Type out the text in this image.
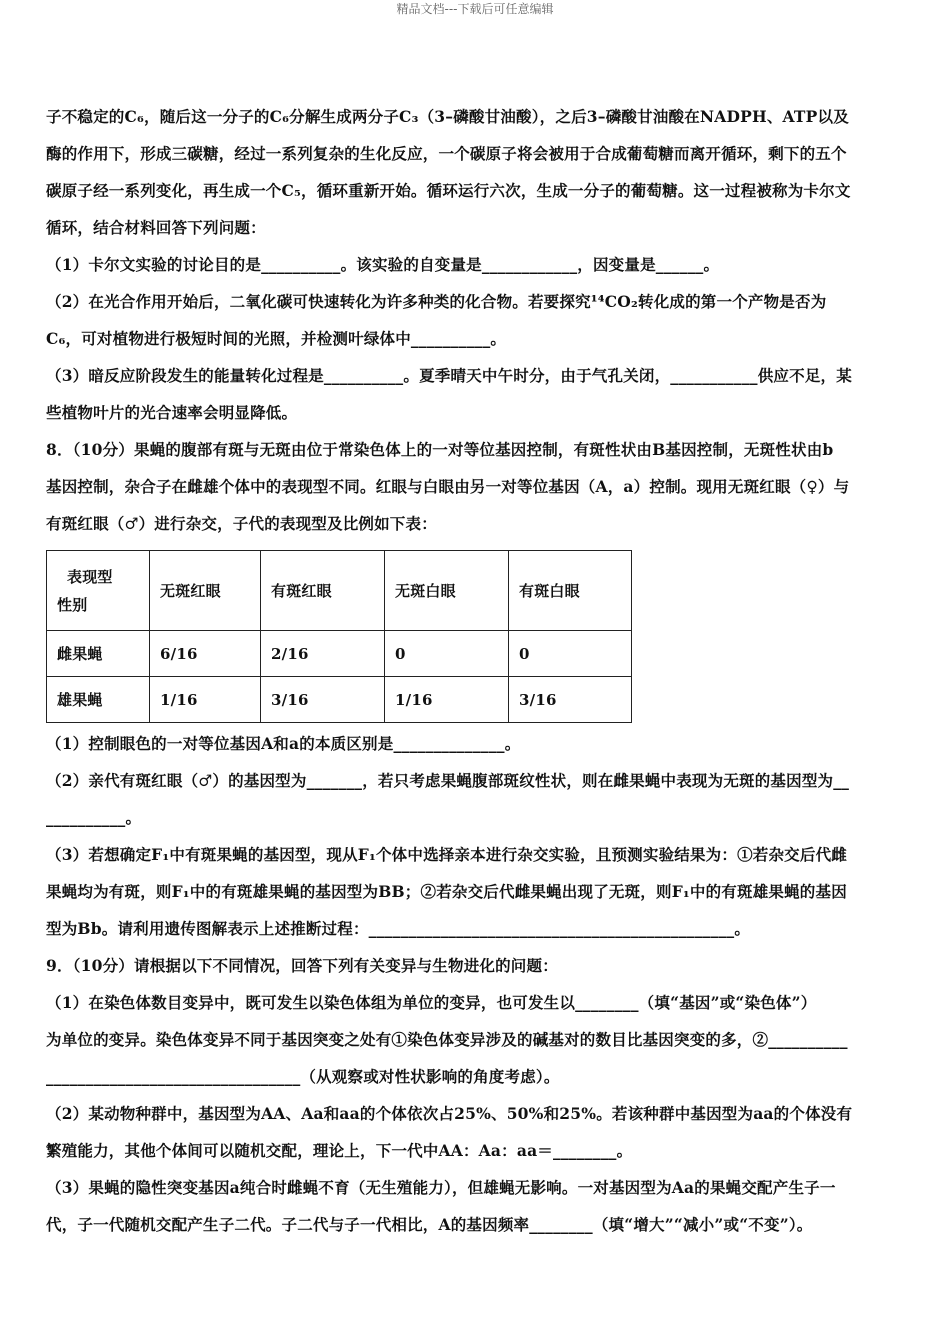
精品文档---下载后可任意编辑
子不稳定的C₆，随后这一分子的C₆分解生成两分子C₃（3–磷酸甘油酸），之后3–磷酸甘油酸在NADPH、ATP以及
酶的作用下，形成三碳糖，经过一系列复杂的生化反应，一个碳原子将会被用于合成葡萄糖而离开循环，剩下的五个
碳原子经一系列变化，再生成一个C₅，循环重新开始。循环运行六次，生成一分子的葡萄糖。这一过程被称为卡尔文
循环，结合材料回答下列问题：
（1）卡尔文实验的讨论目的是__________。该实验的自变量是____________，因变量是______。
（2）在光合作用开始后，二氧化碳可快速转化为许多种类的化合物。若要探究¹⁴CO₂转化成的第一个产物是否为
C₆，可对植物进行极短时间的光照，并检测叶绿体中__________。
（3）暗反应阶段发生的能量转化过程是__________。夏季晴天中午时分，由于气孔关闭，___________供应不足，某
些植物叶片的光合速率会明显降低。
8．（10分）果蝇的腹部有斑与无斑由位于常染色体上的一对等位基因控制，有斑性状由B基因控制，无斑性状由b
基因控制，杂合子在雌雄个体中的表现型不同。红眼与白眼由另一对等位基因（A，a）控制。现用无斑红眼（♀）与
有斑红眼（♂）进行杂交，子代的表现型及比例如下表：
表现型
性别	无斑红眼	有斑红眼	无斑白眼	有斑白眼
雌果蝇	6/16	2/16	0	0
雄果蝇	1/16	3/16	1/16	3/16
（1）控制眼色的一对等位基因A和a的本质区别是______________。
（2）亲代有斑红眼（♂）的基因型为_______，若只考虑果蝇腹部斑纹性状，则在雌果蝇中表现为无斑的基因型为__
__________。
（3）若想确定F₁中有斑果蝇的基因型，现从F₁个体中选择亲本进行杂交实验，且预测实验结果为：①若杂交后代雌
果蝇均为有斑，则F₁中的有斑雄果蝇的基因型为BB；②若杂交后代雌果蝇出现了无斑，则F₁中的有斑雄果蝇的基因
型为Bb。请利用遗传图解表示上述推断过程：______________________________________________。
9．（10分）请根据以下不同情况，回答下列有关变异与生物进化的问题：
（1）在染色体数目变异中，既可发生以染色体组为单位的变异，也可发生以________（填“基因”或“染色体”）
为单位的变异。染色体变异不同于基因突变之处有①染色体变异涉及的碱基对的数目比基因突变的多，②__________
________________________________（从观察或对性状影响的角度考虑）。
（2）某动物种群中，基因型为AA、Aa和aa的个体依次占25%、50%和25%。若该种群中基因型为aa的个体没有
繁殖能力，其他个体间可以随机交配，理论上，下一代中AA：Aa：aa＝________。
（3）果蝇的隐性突变基因a纯合时雌蝇不育（无生殖能力），但雄蝇无影响。一对基因型为Aa的果蝇交配产生子一
代，子一代随机交配产生子二代。子二代与子一代相比，A的基因频率________（填“增大”“减小”或“不变”）。
